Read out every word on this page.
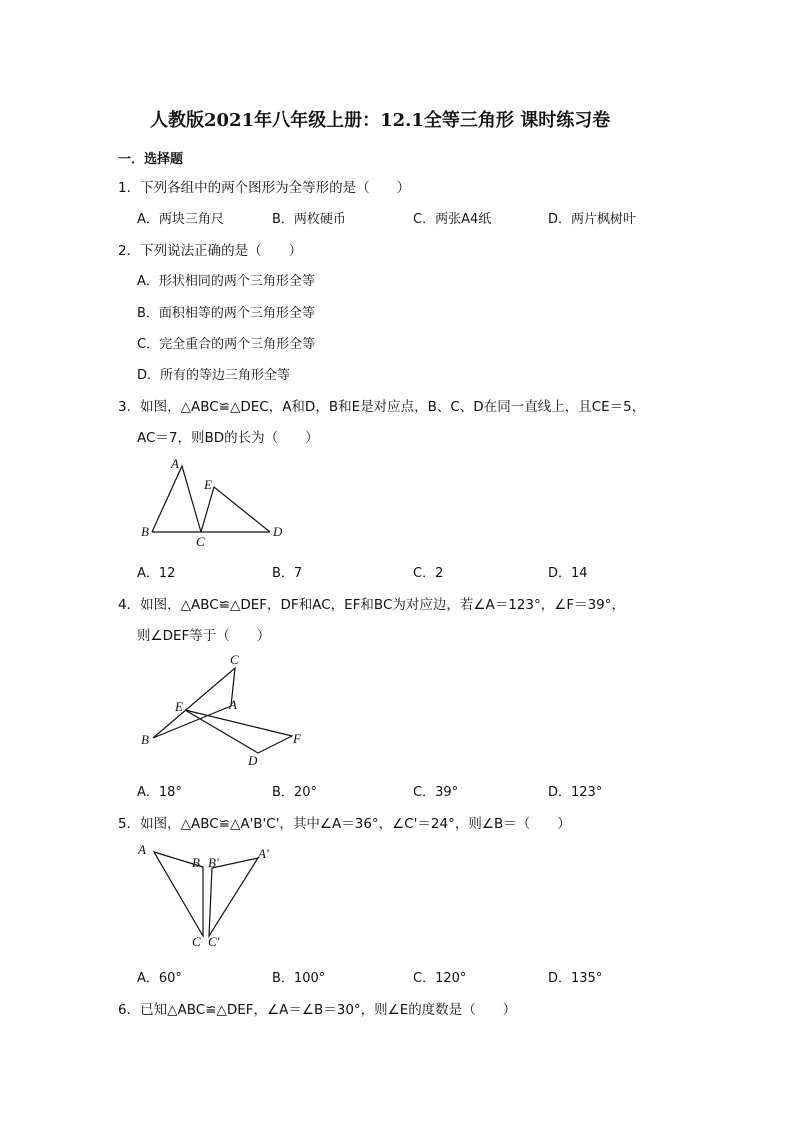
人教版2021年八年级上册：12.1全等三角形 课时练习卷
一．选择题
1．下列各组中的两个图形为全等形的是（　　）
A．两块三角尺	B．两枚硬币	C．两张A4纸	D．两片枫树叶
2．下列说法正确的是（　　）
A．形状相同的两个三角形全等
B．面积相等的两个三角形全等
C．完全重合的两个三角形全等
D．所有的等边三角形全等
3．如图，△ABC≌△DEC，A和D，B和E是对应点，B、C、D在同一直线上，且CE＝5，
AC＝7，则BD的长为（　　）
A
E
B
C
D
A．12	B．7	C．2	D．14
4．如图，△ABC≌△DEF，DF和AC，EF和BC为对应边，若∠A＝123°，∠F＝39°，
则∠DEF等于（　　）
C
E	A
B	F
D
A．18°	B．20°	C．39°	D．123°
5．如图，△ABC≌△A'B'C'，其中∠A＝36°，∠C'＝24°，则∠B＝（　　）
A
B B'
A'
C C'
A．60°	B．100°	C．120°	D．135°
6．已知△ABC≌△DEF，∠A＝∠B＝30°，则∠E的度数是（　　）
